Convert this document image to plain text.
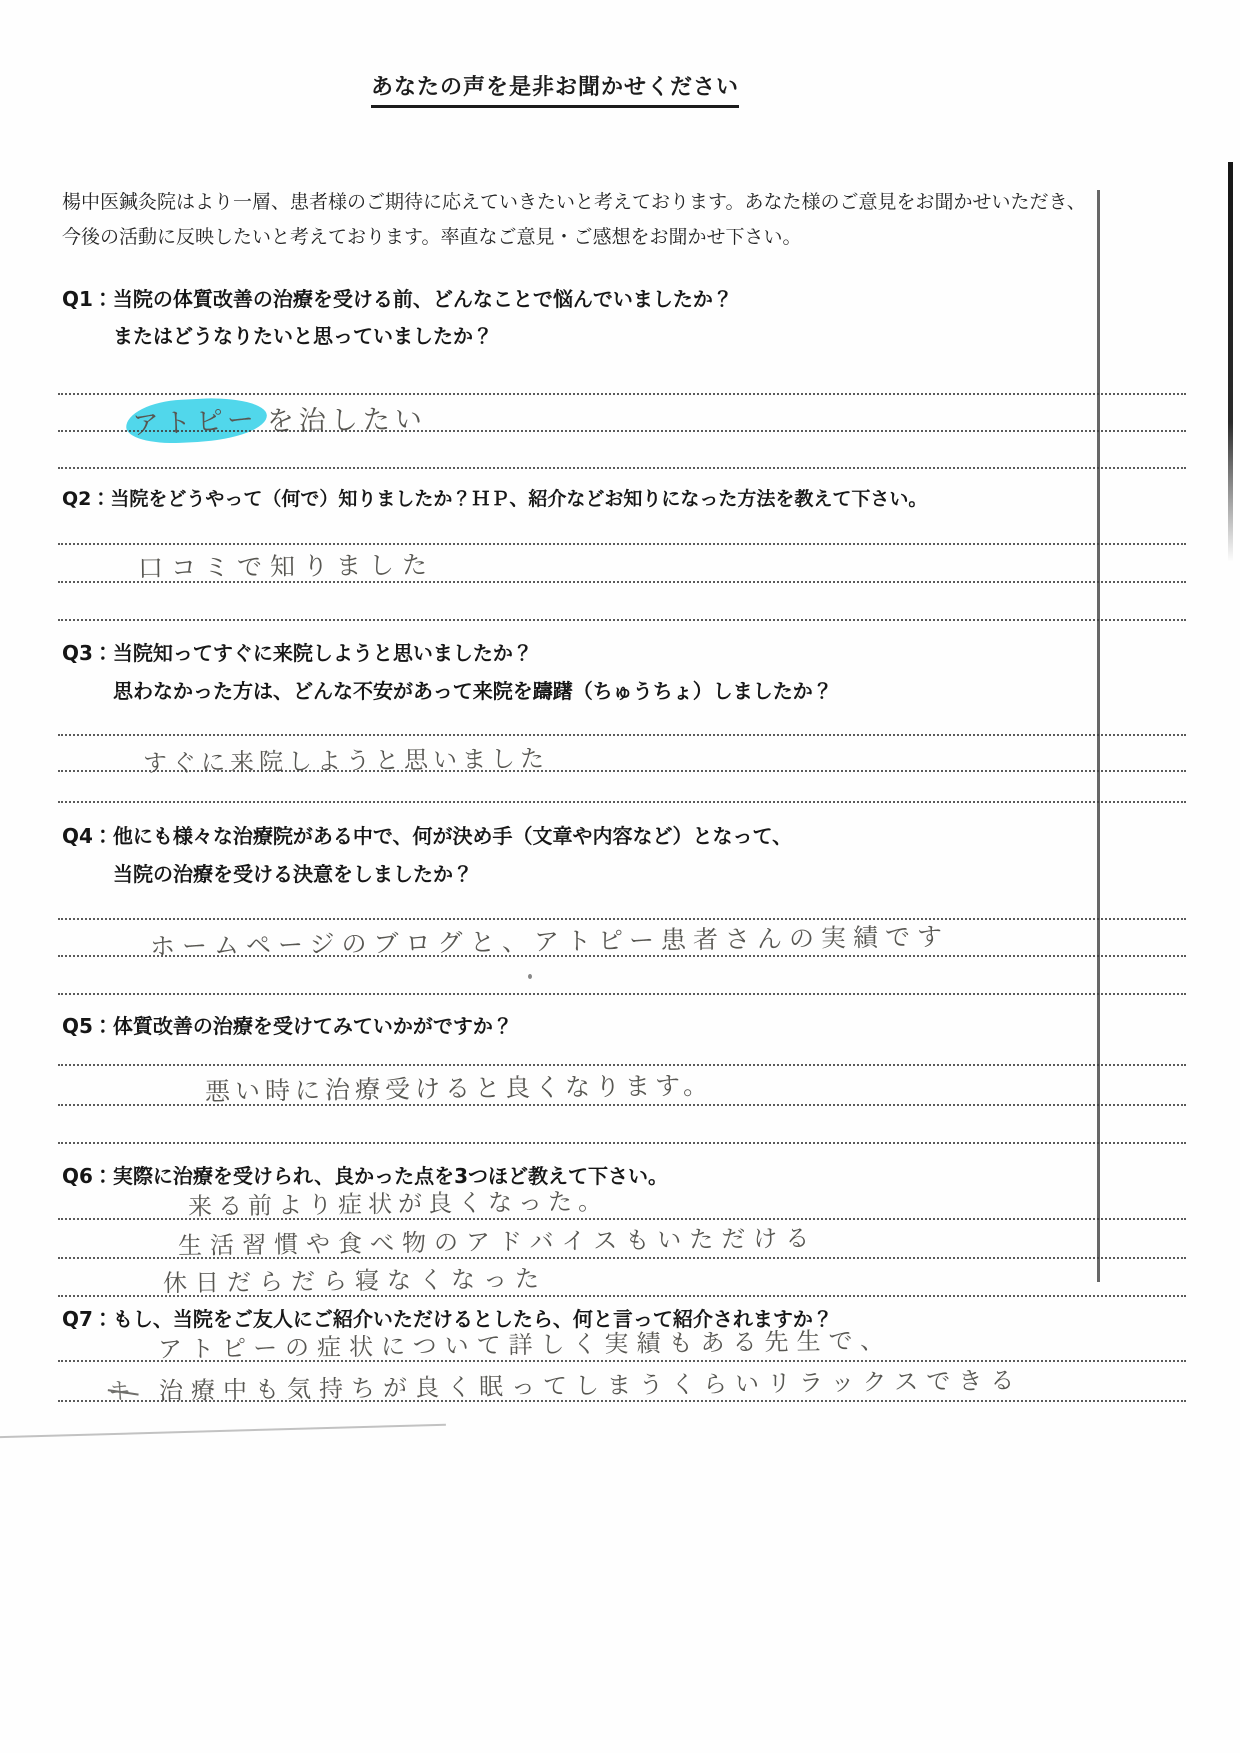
あなたの声を是非お聞かせください
楊中医鍼灸院はより一層、患者様のご期待に応えていきたいと考えております。あなた様のご意見をお聞かせいただき、
今後の活動に反映したいと考えております。率直なご意見・ご感想をお聞かせ下さい。
Q1：当院の体質改善の治療を受ける前、どんなことで悩んでいましたか？
またはどうなりたいと思っていましたか？
アトピー を治したい
Q2：当院をどうやって（何で）知りましたか？ＨＰ、紹介などお知りになった方法を教えて下さい。
口コミで知りました
Q3：当院知ってすぐに来院しようと思いましたか？
思わなかった方は、どんな不安があって来院を躊躇（ちゅうちょ）しましたか？
すぐに来院しようと思いました
Q4：他にも様々な治療院がある中で、何が決め手（文章や内容など）となって、
当院の治療を受ける決意をしましたか？
ホームページのブログと、アトピー患者さんの実績です
Q5：体質改善の治療を受けてみていかがですか？
悪い時に治療受けると良くなります。
Q6：実際に治療を受けられ、良かった点を3つほど教えて下さい。
来る前より症状が良くなった。
生活習慣や食べ物のアドバイスもいただける
休日だらだら寝なくなった
Q7：もし、当院をご友人にご紹介いただけるとしたら、何と言って紹介されますか？
アトピーの症状について詳しく実績もある先生で、
キ 治療中も気持ちが良く眠ってしまうくらいリラックスできる
